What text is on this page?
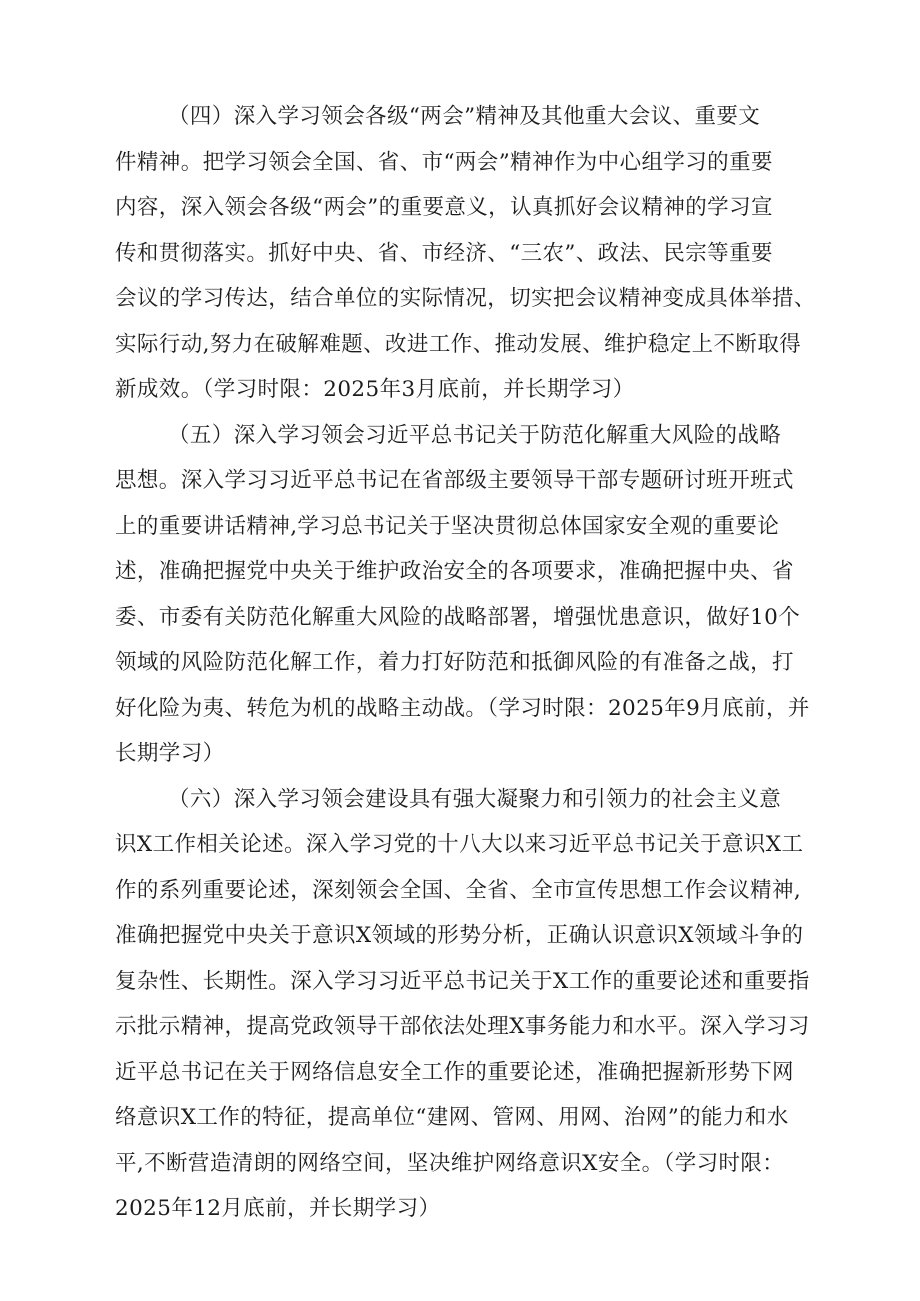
（四）深入学习领会各级“两会”精神及其他重大会议、重要文
件精神。把学习领会全国、省、市“两会”精神作为中心组学习的重要
内容，深入领会各级“两会”的重要意义，认真抓好会议精神的学习宣
传和贯彻落实。抓好中央、省、市经济、“三农”、政法、民宗等重要
会议的学习传达，结合单位的实际情况，切实把会议精神变成具体举措、
实际行动,努力在破解难题、改进工作、推动发展、维护稳定上不断取得
新成效。（学习时限：2025年3月底前，并长期学习）
（五）深入学习领会习近平总书记关于防范化解重大风险的战略
思想。深入学习习近平总书记在省部级主要领导干部专题研讨班开班式
上的重要讲话精神,学习总书记关于坚决贯彻总体国家安全观的重要论
述，准确把握党中央关于维护政治安全的各项要求，准确把握中央、省
委、市委有关防范化解重大风险的战略部署，增强忧患意识，做好10个
领域的风险防范化解工作，着力打好防范和抵御风险的有准备之战，打
好化险为夷、转危为机的战略主动战。（学习时限：2025年9月底前，并
长期学习）
（六）深入学习领会建设具有强大凝聚力和引领力的社会主义意
识X工作相关论述。深入学习党的十八大以来习近平总书记关于意识X工
作的系列重要论述，深刻领会全国、全省、全市宣传思想工作会议精神,
准确把握党中央关于意识X领域的形势分析，正确认识意识X领域斗争的
复杂性、长期性。深入学习习近平总书记关于X工作的重要论述和重要指
示批示精神，提高党政领导干部依法处理X事务能力和水平。深入学习习
近平总书记在关于网络信息安全工作的重要论述，准确把握新形势下网
络意识X工作的特征，提高单位“建网、管网、用网、治网”的能力和水
平,不断营造清朗的网络空间，坚决维护网络意识X安全。（学习时限：
2025年12月底前，并长期学习）
